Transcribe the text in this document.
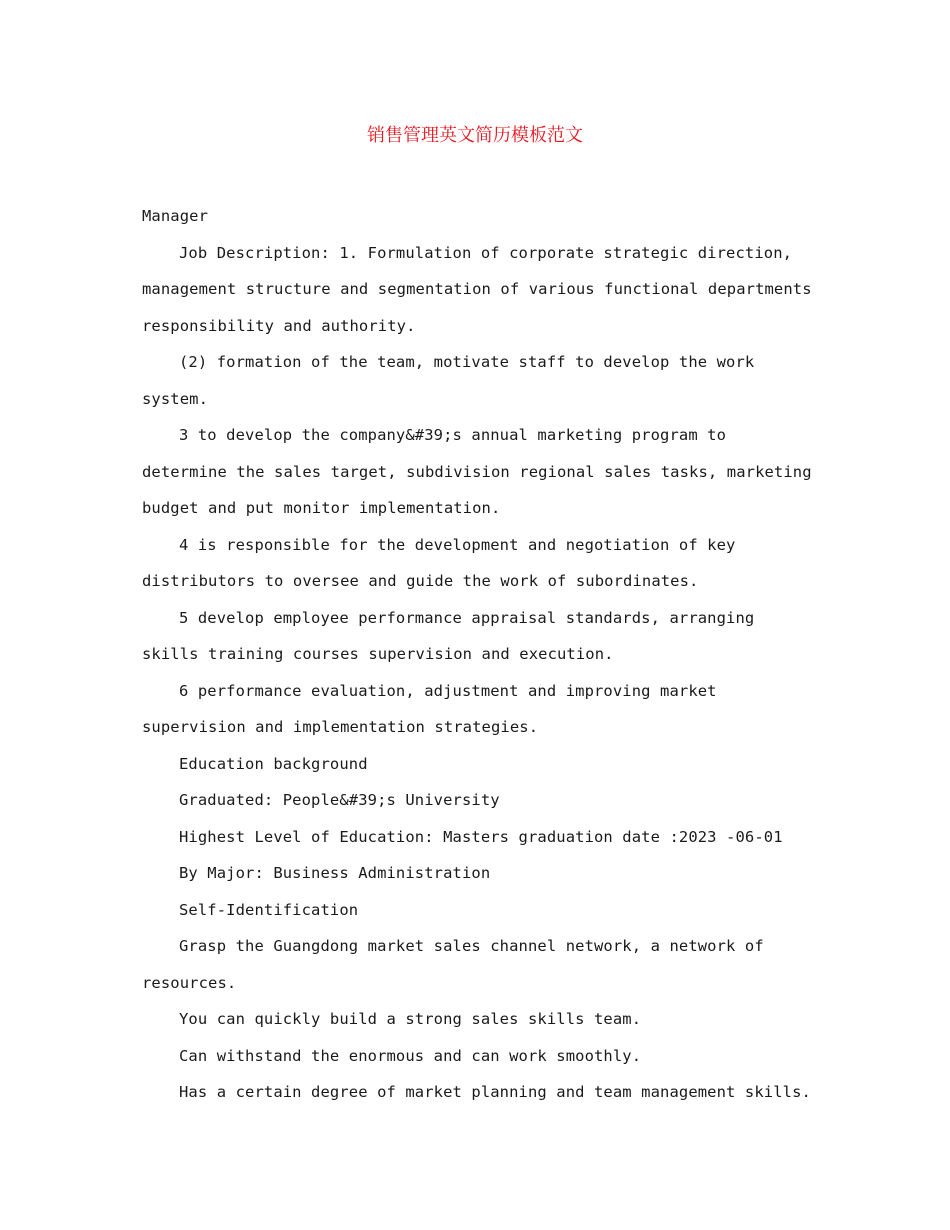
销售管理英文简历模板范文
Manager
Job Description: 1. Formulation of corporate strategic direction,
management structure and segmentation of various functional departments
responsibility and authority.
(2) formation of the team, motivate staff to develop the work
system.
3 to develop the company&#39;s annual marketing program to
determine the sales target, subdivision regional sales tasks, marketing
budget and put monitor implementation.
4 is responsible for the development and negotiation of key
distributors to oversee and guide the work of subordinates.
5 develop employee performance appraisal standards, arranging
skills training courses supervision and execution.
6 performance evaluation, adjustment and improving market
supervision and implementation strategies.
Education background
Graduated: People&#39;s University
Highest Level of Education: Masters graduation date :2023 -06-01
By Major: Business Administration
Self-Identification
Grasp the Guangdong market sales channel network, a network of
resources.
You can quickly build a strong sales skills team.
Can withstand the enormous and can work smoothly.
Has a certain degree of market planning and team management skills.
